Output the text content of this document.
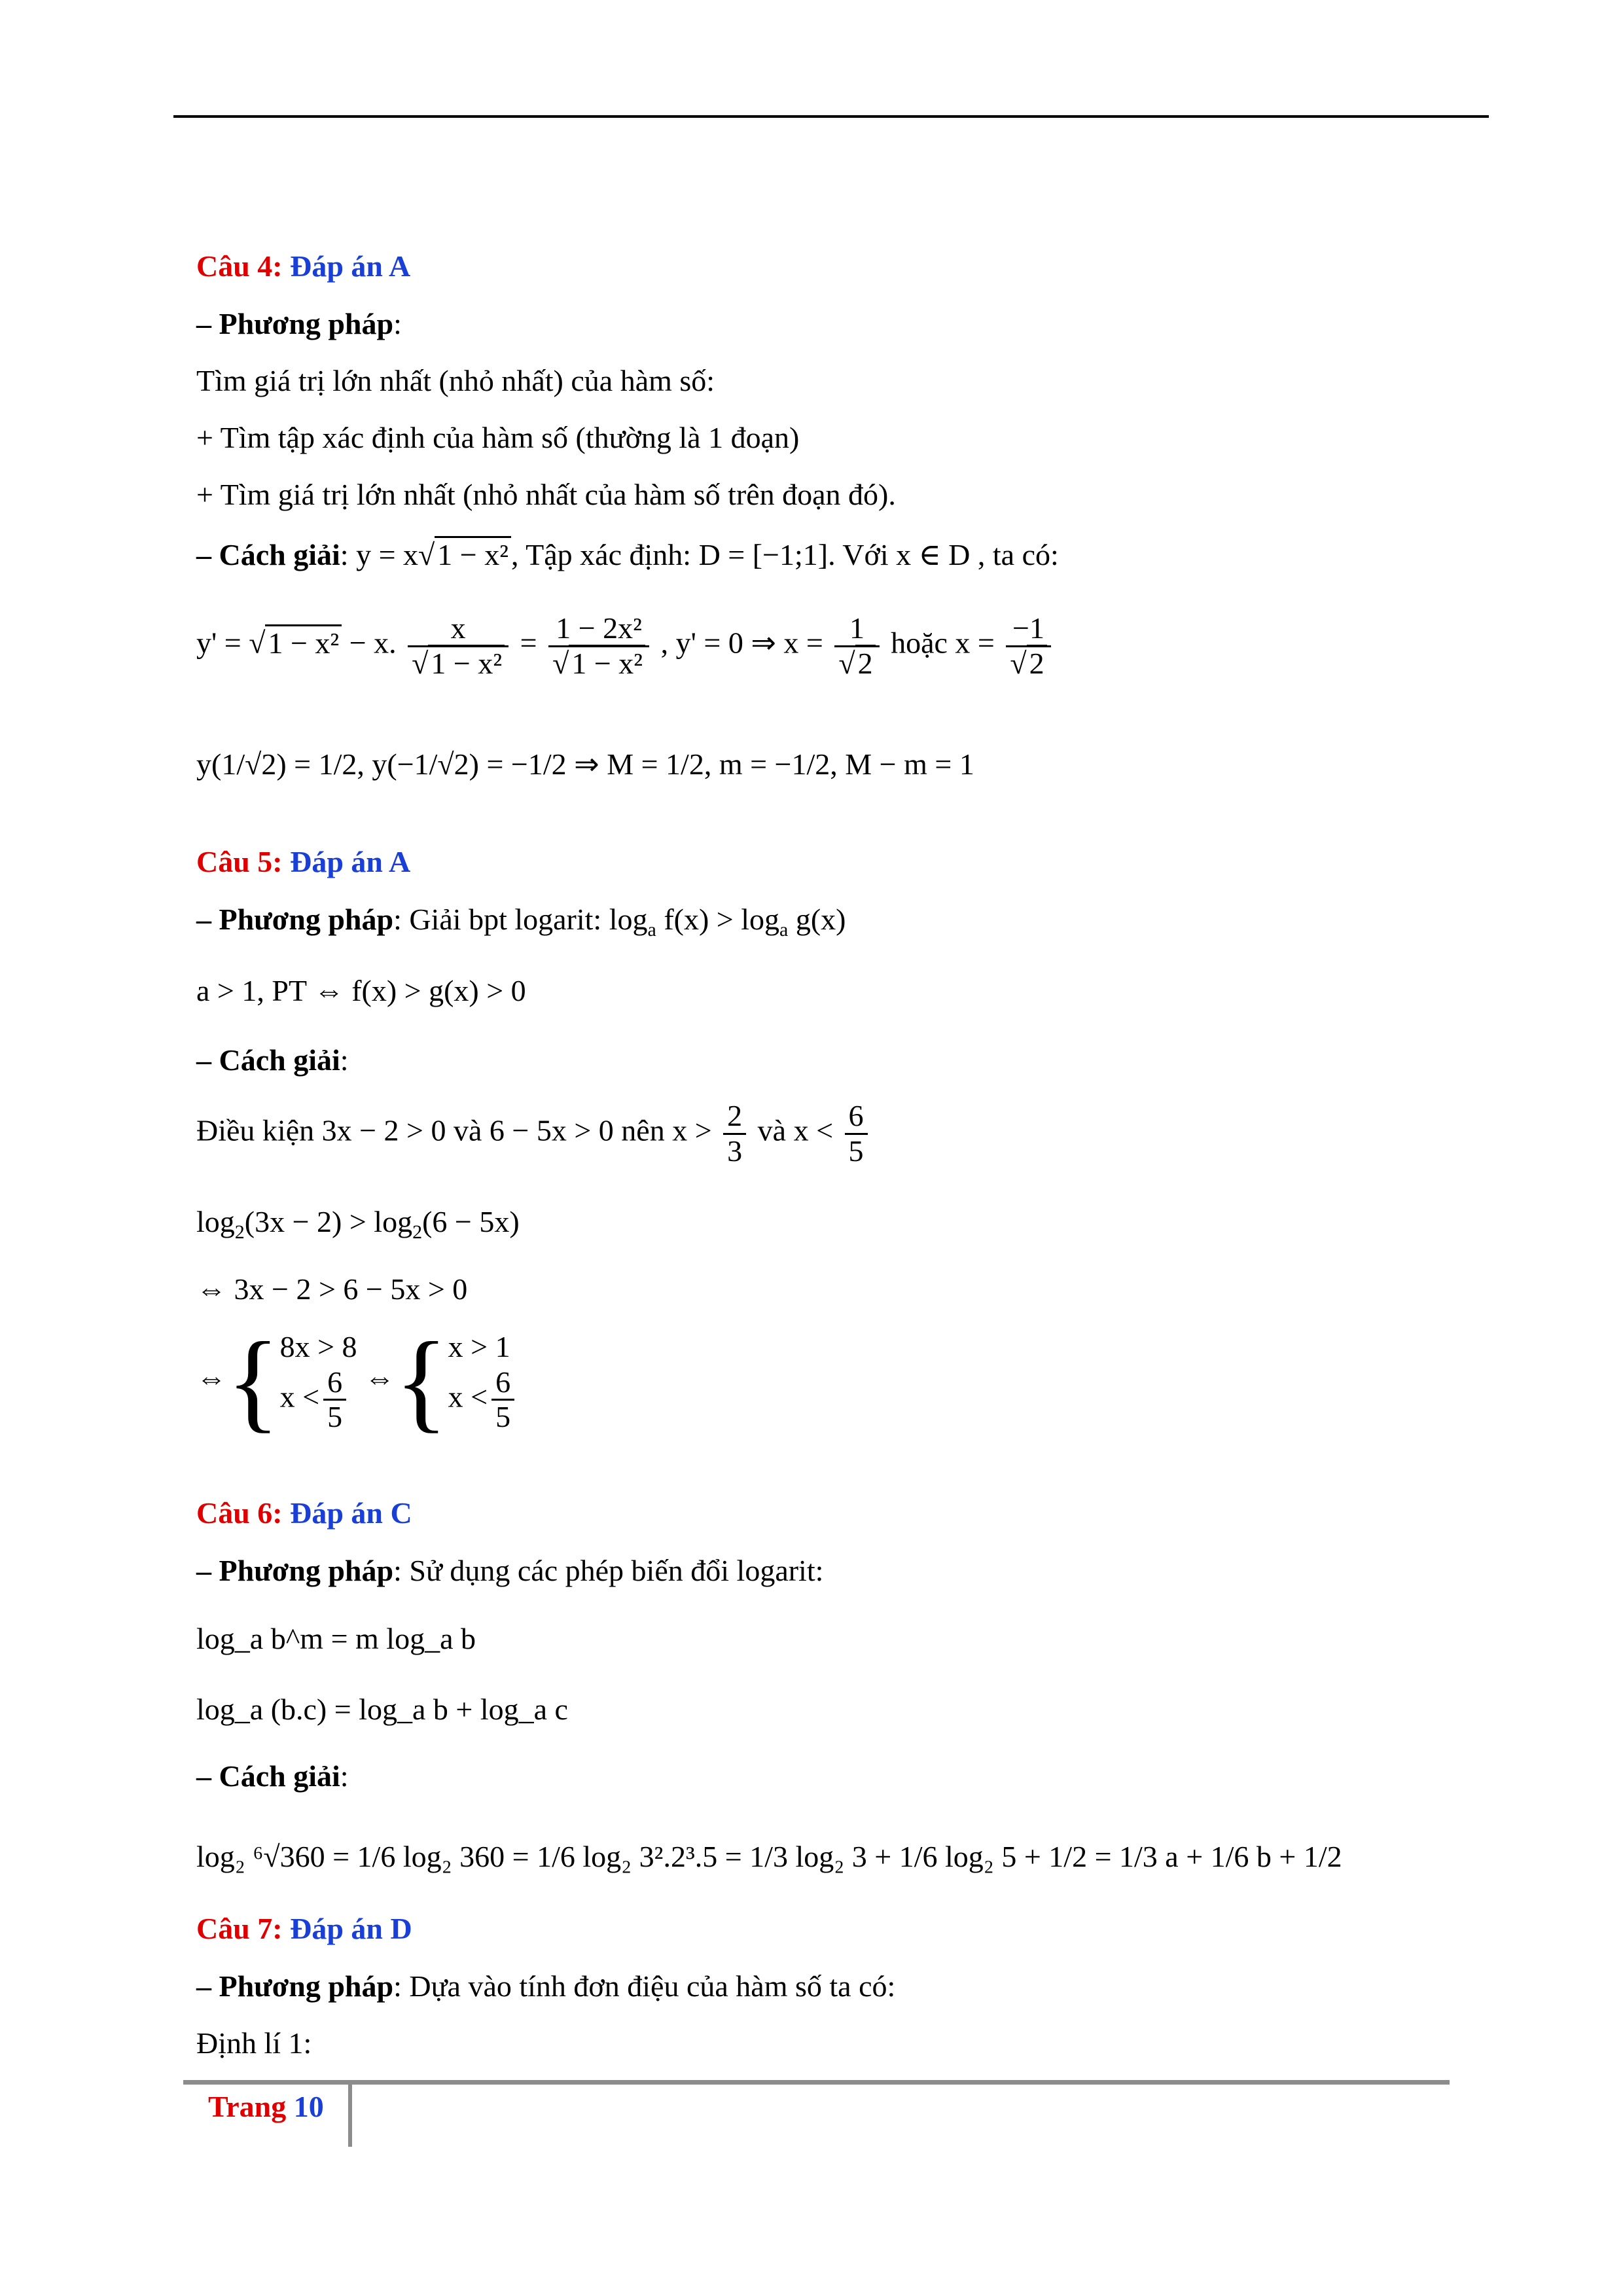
Câu 4: Đáp án A
– Phương pháp:
Tìm giá trị lớn nhất (nhỏ nhất) của hàm số:
+ Tìm tập xác định của hàm số (thường là 1 đoạn)
+ Tìm giá trị lớn nhất (nhỏ nhất của hàm số trên đoạn đó).
– Cách giải: y = x√1 − x², Tập xác định: D = [−1;1]. Với x ∈ D , ta có:
y' = √1 − x² − x. $\frac{x}{\text{√1 − x²}} = \frac{\text{1 − 2x²}}{\text{√1 − x²}}$ , y' = 0 ⇒ $x = \frac{1}{√2}$ hoặc $x = \frac{-1}{√2}$
y(1/√2) = 1/2, y(−1/√2) = −1/2 ⇒ M = 1/2, m = −1/2, M − m = 1
Câu 5: Đáp án A
– Phương pháp: Giải bpt logarit: $\log_a f(x) > \log_a g(x)$
a > 1, PT ⇔ f(x) > g(x) > 0
– Cách giải:
Điều kiện 3x − 2 > 0 và 6 − 5x > 0 nên $x > \frac{2}{3}$ và $x < \frac{6}{5}$
$\log_2(3x - 2) > \log_2(6 - 5x)$
⇔ 3x − 2 > 6 − 5x > 0
⇔{ 8x > 8
$x < \frac{6}{5}$ ⇔{ x > 1
$x < \frac{6}{5}$
Câu 6: Đáp án C
– Phương pháp: Sử dụng các phép biến đổi logarit:
log_a b^m = m log_a b
log_a (b.c) = log_a b + log_a c
– Cách giải:
log₂ ⁶√360 = 1/6 log₂ 360 = 1/6 log₂ 3².2³.5 = 1/3 log₂ 3 + 1/6 log₂ 5 + 1/2 = 1/3 a + 1/6 b + 1/2
Câu 7: Đáp án D
– Phương pháp: Dựa vào tính đơn điệu của hàm số ta có:
Định lí 1:
Trang 10
